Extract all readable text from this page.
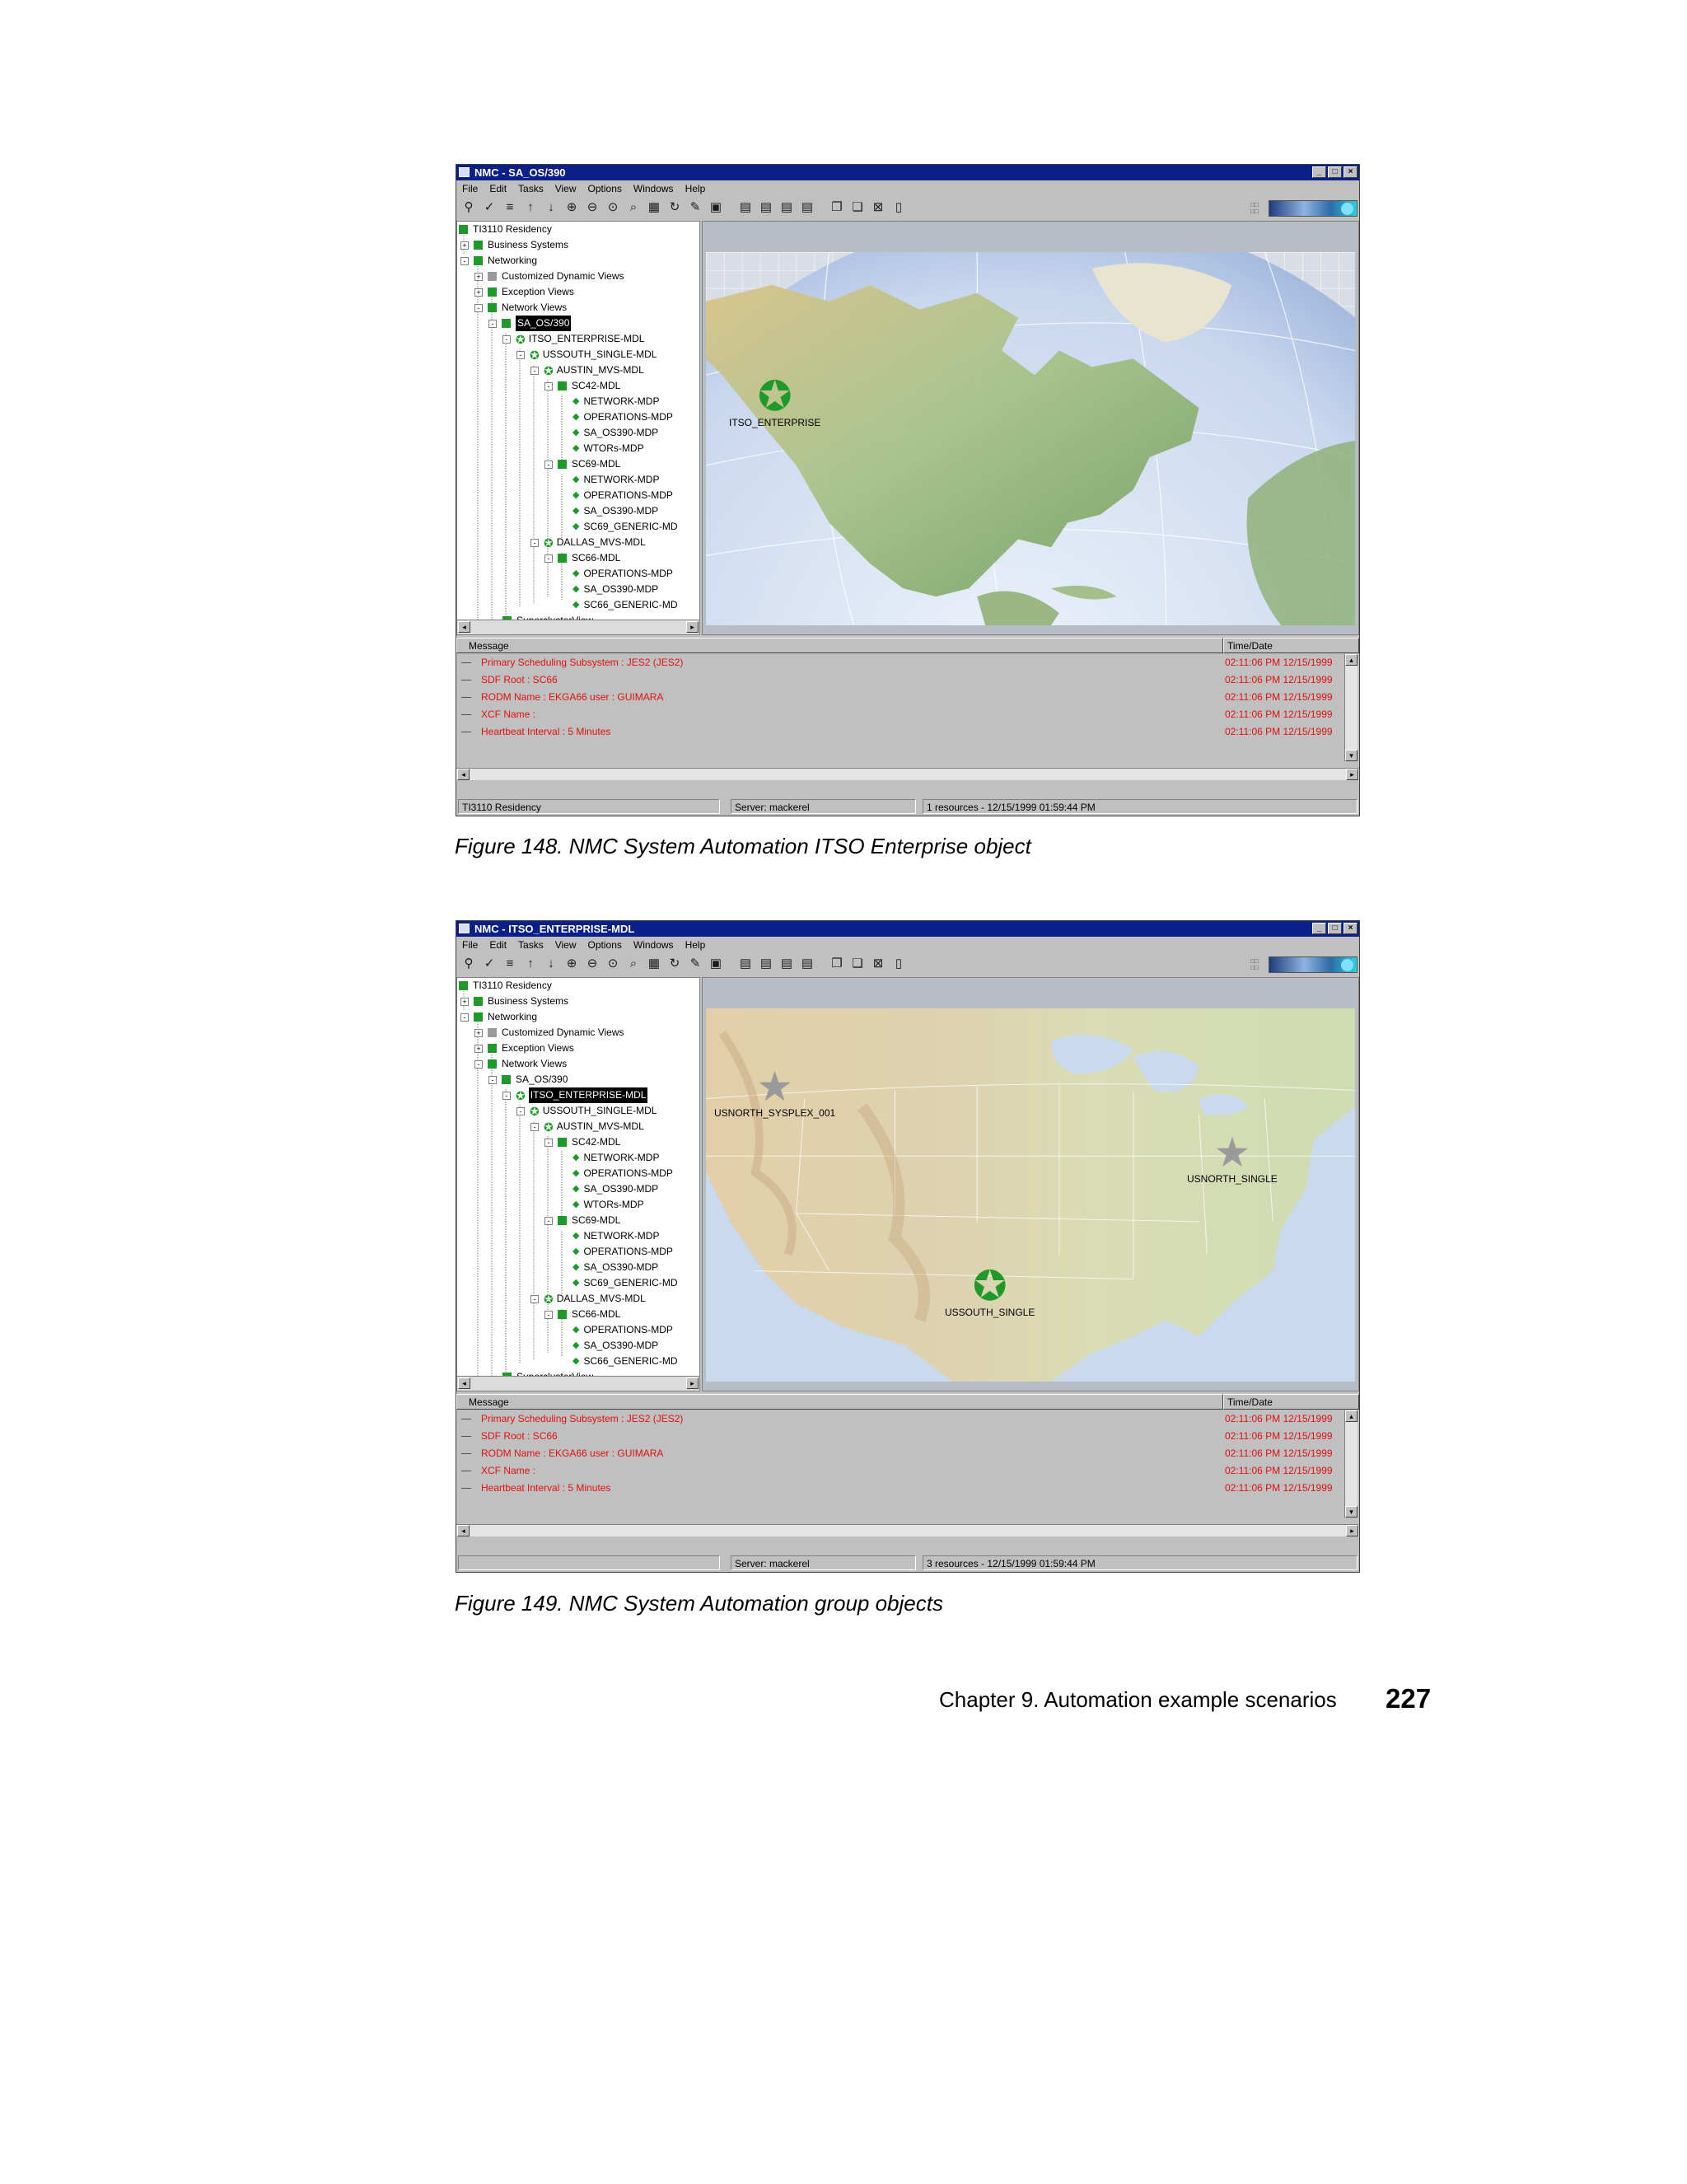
NMC - SA_OS/390	_	□	×
File	Edit	Tasks	View	Options	Windows	Help
⚲ ✓ ≡	↑	↓ ⊕ ⊖ ⊙ ⌕ ▦ ↻ ✎ ▣ ▤ ▤ ▤ ▤ ❐ ❏ ⊠ ▯	□□
□□
TI3110 Residency
+ Business Systems
- Networking
+ Customized Dynamic Views
+ Exception Views
- Network Views
- SA_OS/390
- ✪ ITSO_ENTERPRISE-MDL
- ✪ USSOUTH_SINGLE-MDL
- ✪ AUSTIN_MVS-MDL
- SC42-MDL
◆ NETWORK-MDP
◆ OPERATIONS-MDP
◆ SA_OS390-MDP
◆ WTORs-MDP
- SC69-MDL
◆ NETWORK-MDP
◆ OPERATIONS-MDP
◆ SA_OS390-MDP
◆ SC69_GENERIC-MD
- ✪ DALLAS_MVS-MDL
- SC66-MDL
◆ OPERATIONS-MDP
◆ SA_OS390-MDP
◆ SC66_GENERIC-MD
◂	▸
✪
ITSO_ENTERPRISE
Message	Time/Date
Primary Scheduling Subsystem : JES2 (JES2)	02:11:06 PM 12/15/1999
SDF Root : SC66	02:11:06 PM 12/15/1999
RODM Name : EKGA66 user : GUIMARA	02:11:06 PM 12/15/1999
XCF Name :	02:11:06 PM 12/15/1999
Heartbeat Interval : 5 Minutes	02:11:06 PM 12/15/1999
▴
▾
◂	▸
TI3110 Residency	Server: mackerel	1 resources - 12/15/1999 01:59:44 PM
Figure 148. NMC System Automation ITSO Enterprise object
NMC - ITSO_ENTERPRISE-MDL	_	□	×
File	Edit	Tasks	View	Options	Windows	Help
⚲ ✓ ≡	↑	↓ ⊕ ⊖ ⊙ ⌕ ▦ ↻ ✎ ▣ ▤ ▤ ▤ ▤ ❐ ❏ ⊠ ▯	□□
□□
TI3110 Residency
+ Business Systems
- Networking
+ Customized Dynamic Views
+ Exception Views
- Network Views
- SA_OS/390
- ✪ ITSO_ENTERPRISE-MDL
- ✪ USSOUTH_SINGLE-MDL
- ✪ AUSTIN_MVS-MDL
- SC42-MDL
◆ NETWORK-MDP
◆ OPERATIONS-MDP
◆ SA_OS390-MDP
◆ WTORs-MDP
- SC69-MDL
◆ NETWORK-MDP
◆ OPERATIONS-MDP
◆ SA_OS390-MDP
◆ SC69_GENERIC-MD
- ✪ DALLAS_MVS-MDL
- SC66-MDL
◆ OPERATIONS-MDP
◆ SA_OS390-MDP
◆ SC66_GENERIC-MD
◂	▸
★
USNORTH_SYSPLEX_001
★
USNORTH_SINGLE
✪
USSOUTH_SINGLE
Message	Time/Date
Primary Scheduling Subsystem : JES2 (JES2)	02:11:06 PM 12/15/1999
SDF Root : SC66	02:11:06 PM 12/15/1999
RODM Name : EKGA66 user : GUIMARA	02:11:06 PM 12/15/1999
XCF Name :	02:11:06 PM 12/15/1999
Heartbeat Interval : 5 Minutes	02:11:06 PM 12/15/1999
▴
▾
◂	▸
Server: mackerel	3 resources - 12/15/1999 01:59:44 PM
Figure 149. NMC System Automation group objects
Chapter 9. Automation example scenarios 227
